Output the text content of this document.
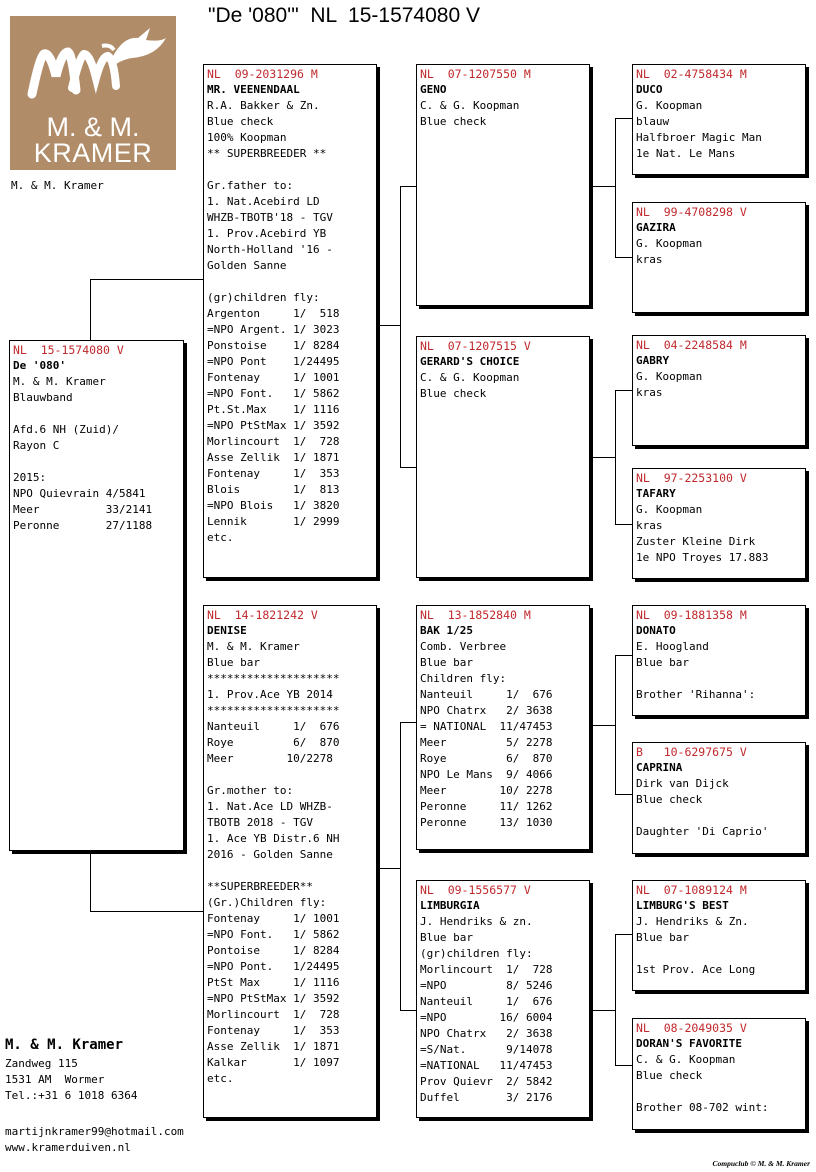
"De '080'"  NL  15-1574080 V
M. & M.
KRAMER
M. & M. Kramer
NL  15-1574080 V
De '080'
M. & M. Kramer
Blauwband
Afd.6 NH (Zuid)/
Rayon C
2015:
NPO Quievrain 4/5841
Meer          33/2141
Peronne       27/1188
NL  09-2031296 M
MR. VEENENDAAL
R.A. Bakker & Zn.
Blue check
100% Koopman
** SUPERBREEDER **
Gr.father to:
1. Nat.Acebird LD
WHZB-TBOTB'18 - TGV
1. Prov.Acebird YB
North-Holland '16 -
Golden Sanne
(gr)children fly:
Argenton     1/  518
=NPO Argent. 1/ 3023
Ponstoise    1/ 8284
=NPO Pont    1/24495
Fontenay     1/ 1001
=NPO Font.   1/ 5862
Pt.St.Max    1/ 1116
=NPO PtStMax 1/ 3592
Morlincourt  1/  728
Asse Zellik  1/ 1871
Fontenay     1/  353
Blois        1/  813
=NPO Blois   1/ 3820
Lennik       1/ 2999
etc.
NL  14-1821242 V
DENISE
M. & M. Kramer
Blue bar
********************
1. Prov.Ace YB 2014
********************
Nanteuil     1/  676
Roye         6/  870
Meer        10/2278
Gr.mother to:
1. Nat.Ace LD WHZB-
TBOTB 2018 - TGV
1. Ace YB Distr.6 NH
2016 - Golden Sanne
**SUPERBREEDER**
(Gr.)Children fly:
Fontenay     1/ 1001
=NPO Font.   1/ 5862
Pontoise     1/ 8284
=NPO Pont.   1/24495
PtSt Max     1/ 1116
=NPO PtStMax 1/ 3592
Morlincourt  1/  728
Fontenay     1/  353
Asse Zellik  1/ 1871
Kalkar       1/ 1097
etc.
NL  07-1207550 M
GENO
C. & G. Koopman
Blue check
NL  07-1207515 V
GERARD'S CHOICE
C. & G. Koopman
Blue check
NL  13-1852840 M
BAK 1/25
Comb. Verbree
Blue bar
Children fly:
Nanteuil     1/  676
NPO Chatrx   2/ 3638
= NATIONAL  11/47453
Meer         5/ 2278
Roye         6/  870
NPO Le Mans  9/ 4066
Meer        10/ 2278
Peronne     11/ 1262
Peronne     13/ 1030
NL  09-1556577 V
LIMBURGIA
J. Hendriks & zn.
Blue bar
(gr)children fly:
Morlincourt  1/  728
=NPO         8/ 5246
Nanteuil     1/  676
=NPO        16/ 6004
NPO Chatrx   2/ 3638
=S/Nat.      9/14078
=NATIONAL   11/47453
Prov Quievr  2/ 5842
Duffel       3/ 2176
NL  02-4758434 M
DUCO
G. Koopman
blauw
Halfbroer Magic Man
1e Nat. Le Mans
NL  99-4708298 V
GAZIRA
G. Koopman
kras
NL  04-2248584 M
GABRY
G. Koopman
kras
NL  97-2253100 V
TAFARY
G. Koopman
kras
Zuster Kleine Dirk
1e NPO Troyes 17.883
NL  09-1881358 M
DONATO
E. Hoogland
Blue bar
Brother 'Rihanna':
B   10-6297675 V
CAPRINA
Dirk van Dijck
Blue check
Daughter 'Di Caprio'
NL  07-1089124 M
LIMBURG'S BEST
J. Hendriks & Zn.
Blue bar
1st Prov. Ace Long
NL  08-2049035 V
DORAN'S FAVORITE
C. & G. Koopman
Blue check
Brother 08-702 wint:
M. & M. Kramer
Zandweg 115
1531 AM  Wormer
Tel.:+31 6 1018 6364
martijnkramer99@hotmail.com
www.kramerduiven.nl
Compuclub © M. & M. Kramer
